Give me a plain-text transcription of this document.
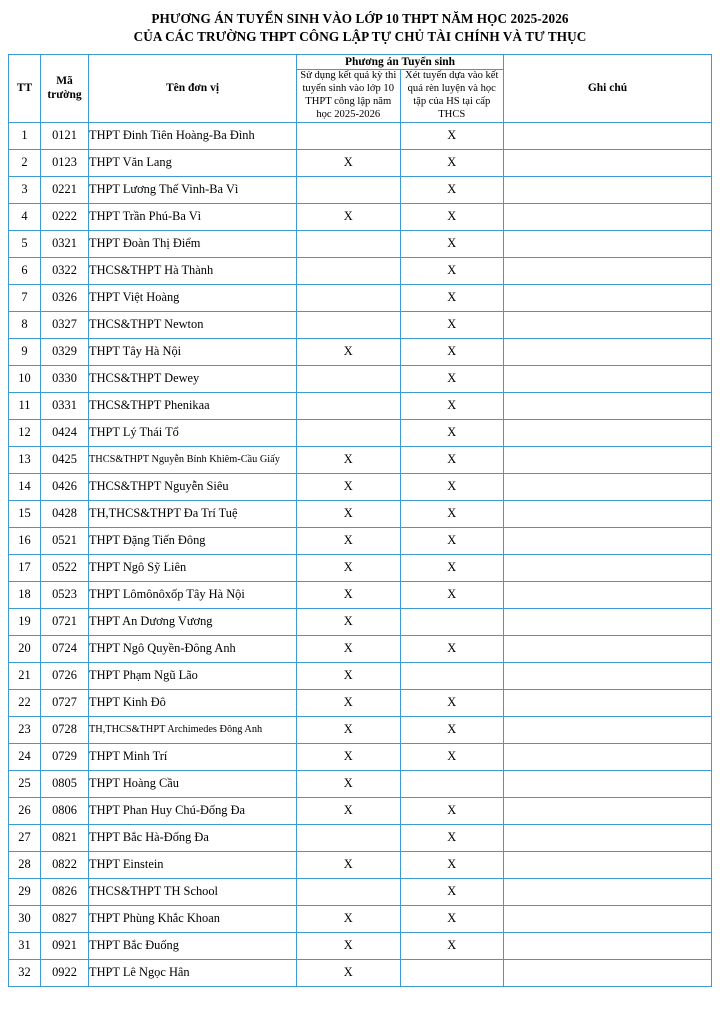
PHƯƠNG ÁN TUYỂN SINH VÀO LỚP 10 THPT NĂM HỌC 2025-2026
CỦA CÁC TRƯỜNG THPT CÔNG LẬP TỰ CHỦ TÀI CHÍNH VÀ TƯ THỤC
TT	Mã trường	Tên đơn vị	Phương án Tuyển sinh		Ghi chú
			Sử dụng kết quả kỳ thi tuyển sinh vào lớp 10 THPT công lập năm học 2025-2026	Xét tuyển dựa vào kết quả rèn luyện và học tập của HS tại cấp THCS	
1	0121	THPT Đinh Tiên Hoàng-Ba Đình		X	
2	0123	THPT Văn Lang	X	X	
3	0221	THPT Lương Thế Vinh-Ba Vì		X	
4	0222	THPT Trần Phú-Ba Vì	X	X	
5	0321	THPT Đoàn Thị Điểm		X	
6	0322	THCS&THPT Hà Thành		X	
7	0326	THPT Việt Hoàng		X	
8	0327	THCS&THPT Newton		X	
9	0329	THPT Tây Hà Nội	X	X	
10	0330	THCS&THPT Dewey		X	
11	0331	THCS&THPT Phenikaa		X	
12	0424	THPT Lý Thái Tổ		X	
13	0425	THCS&THPT Nguyễn Bỉnh Khiêm-Cầu Giấy	X	X	
14	0426	THCS&THPT Nguyễn Siêu	X	X	
15	0428	TH,THCS&THPT Đa Trí Tuệ	X	X	
16	0521	THPT Đặng Tiến Đông	X	X	
17	0522	THPT Ngô Sỹ Liên	X	X	
18	0523	THPT Lômônôxốp Tây Hà Nội	X	X	
19	0721	THPT An Dương Vương	X		
20	0724	THPT Ngô Quyền-Đông Anh	X	X	
21	0726	THPT Phạm Ngũ Lão	X		
22	0727	THPT Kinh Đô	X	X	
23	0728	TH,THCS&THPT Archimedes Đông Anh	X	X	
24	0729	THPT Minh Trí	X	X	
25	0805	THPT Hoàng Cầu	X		
26	0806	THPT Phan Huy Chú-Đống Đa	X	X	
27	0821	THPT Bắc Hà-Đống Đa		X	
28	0822	THPT Einstein	X	X	
29	0826	THCS&THPT TH School		X	
30	0827	THPT Phùng Khắc Khoan	X	X	
31	0921	THPT Bắc Đuống	X	X	
32	0922	THPT Lê Ngọc Hân	X		
